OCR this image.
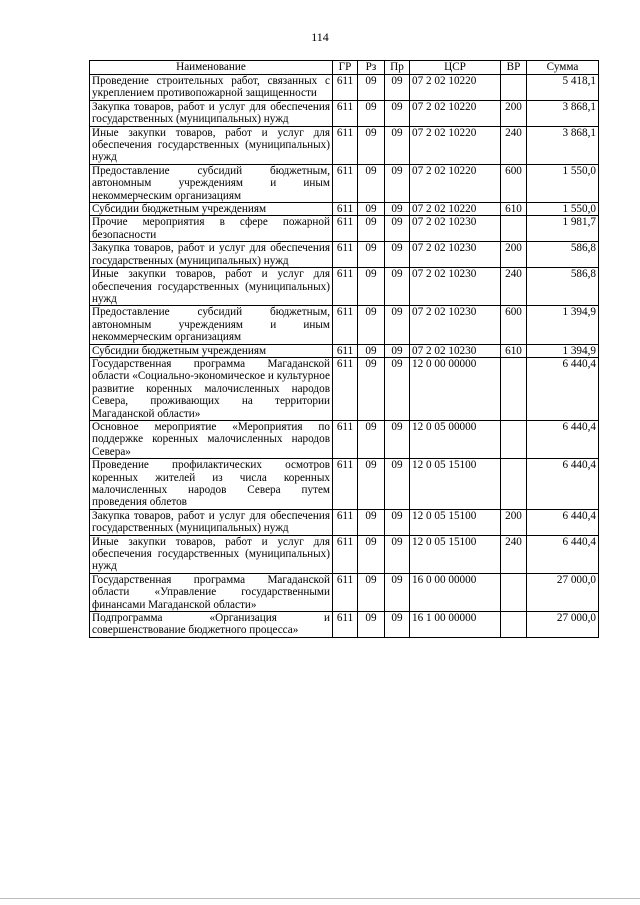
114
Наименование	ГР	Рз	Пр	ЦСР	ВР	Сумма
Проведение строительных работ, связанных с укреплением противопожарной защищенности	611	09	09	07 2 02 10220		5 418,1
Закупка товаров, работ и услуг для обеспечения государственных (муниципальных) нужд	611	09	09	07 2 02 10220	200	3 868,1
Иные закупки товаров, работ и услуг для обеспечения государственных (муниципальных) нужд	611	09	09	07 2 02 10220	240	3 868,1
Предоставление субсидий бюджетным, автономным учреждениям и иным некоммерческим организациям	611	09	09	07 2 02 10220	600	1 550,0
Субсидии бюджетным учреждениям	611	09	09	07 2 02 10220	610	1 550,0
Прочие мероприятия в сфере пожарной безопасности	611	09	09	07 2 02 10230		1 981,7
Закупка товаров, работ и услуг для обеспечения государственных (муниципальных) нужд	611	09	09	07 2 02 10230	200	586,8
Иные закупки товаров, работ и услуг для обеспечения государственных (муниципальных) нужд	611	09	09	07 2 02 10230	240	586,8
Предоставление субсидий бюджетным, автономным учреждениям и иным некоммерческим организациям	611	09	09	07 2 02 10230	600	1 394,9
Субсидии бюджетным учреждениям	611	09	09	07 2 02 10230	610	1 394,9
Государственная программа Магаданской области «Социально-экономическое и культурное развитие коренных малочисленных народов Севера, проживающих на территории Магаданской области»	611	09	09	12 0 00 00000		6 440,4
Основное мероприятие «Мероприятия по поддержке коренных малочисленных народов Севера»	611	09	09	12 0 05 00000		6 440,4
Проведение профилактических осмотров коренных жителей из числа коренных малочисленных народов Севера путем проведения облетов	611	09	09	12 0 05 15100		6 440,4
Закупка товаров, работ и услуг для обеспечения государственных (муниципальных) нужд	611	09	09	12 0 05 15100	200	6 440,4
Иные закупки товаров, работ и услуг для обеспечения государственных (муниципальных) нужд	611	09	09	12 0 05 15100	240	6 440,4
Государственная программа Магаданской области «Управление государственными финансами Магаданской области»	611	09	09	16 0 00 00000		27 000,0
Подпрограмма «Организация и совершенствование бюджетного процесса»	611	09	09	16 1 00 00000		27 000,0
